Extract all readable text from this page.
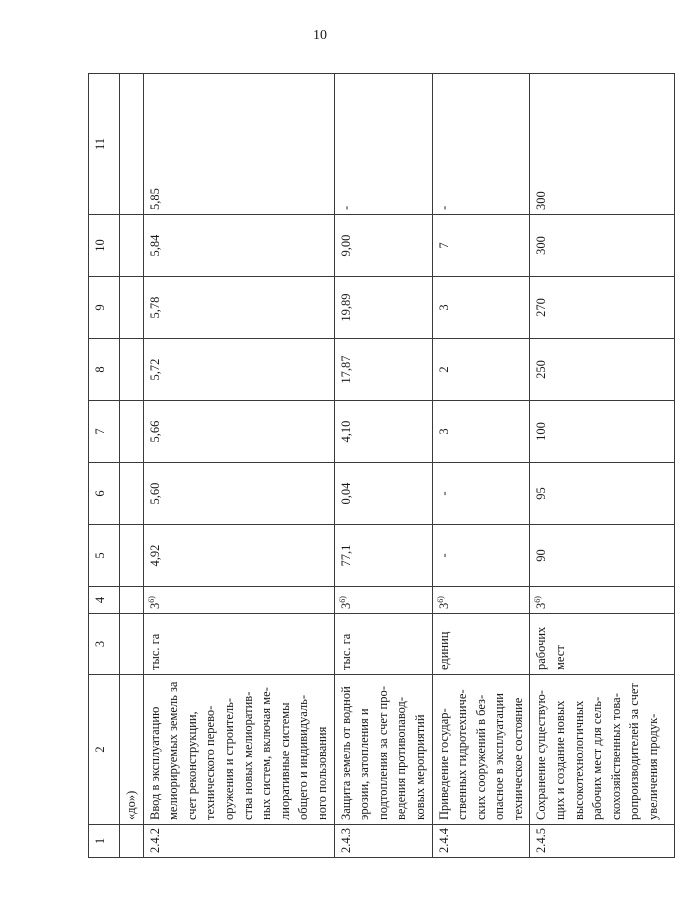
10
1	2	3	4	5	6	7	8	9	10	11
	«до»)									
2.4.2	Ввод в эксплуатацию мелиорируемых земель за счет реконструкции, технического перево-оружения и строитель-ства новых мелиоратив-ных систем, включая ме-лиоративные системы общего и индивидуаль-ного пользования	тыс. га	3$^{6)}$	4,92	5,60	5,66	5,72	5,78	5,84	5,85
2.4.3	Защита земель от водной эрозии, затопления и подтопления за счет про-ведения противопавод-ковых мероприятий	тыс. га	3$^{6)}$	77,1	0,04	4,10	17,87	19,89	9,00	-
2.4.4	Приведение государ-ственных гидротехниче-ских сооружений в без-опасное в эксплуатации техническое состояние	единиц	3$^{6)}$	-	-	3	2	3	7	-
2.4.5	Сохранение существую-щих и создание новых высокотехнологичных рабочих мест для сель-скохозяйственных това-ропроизводителей за счет увеличения продук-	рабочих мест	3$^{6)}$	90	95	100	250	270	300	300
